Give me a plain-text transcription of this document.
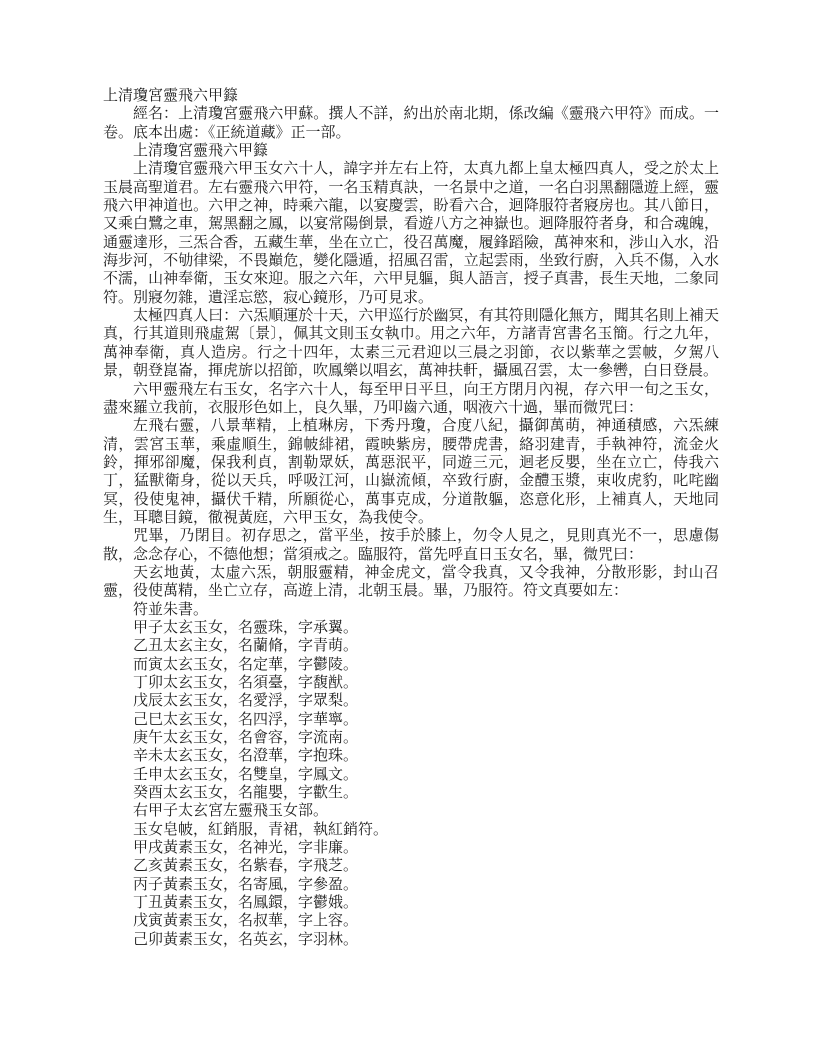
上清瓊宮靈飛六甲籙

經名：上清瓊宮靈飛六甲蘇。撰人不詳，約出於南北期，係改編《靈飛六甲符》而成。一卷。底本出處：《正統道藏》正一部。

上清瓊宮靈飛六甲籙

上清瓊官靈飛六甲玉女六十人，諱字并左右上符，太真九都上皇太極四真人，受之於太上玉晨高聖道君。左右靈飛六甲符，一名玉精真訣，一名景中之道，一名白羽黑翻隱遊上經，靈飛六甲神道也。六甲之神，時乘六龍，以宴慶雲，盼看六合，迴降服符者寢房也。其八節日，又乘白鷺之車，駕黑翻之鳳，以宴常陽倒景，看遊八方之神嶽也。迴降服符者身，和合魂魄，通靈達形，三炁合香，五藏生華，坐在立亡，役召萬魔，履鋒蹈險，萬神來和，涉山入水，沿海步河，不劬律梁，不畏巔危，變化隱遁，招風召雷，立起雲雨，坐致行廚，入兵不傷，入水不濡，山神奉衛，玉女來迎。服之六年，六甲見軀，與人語言，授子真書，長生天地，二象同符。別寢勿雜，遺淫忘慾，寂心鏡形，乃可見求。

太極四真人曰：六炁順運於十天，六甲巡行於幽冥，有其符則隱化無方，聞其名則上補天真，行其道則飛虛駕〔景〕，佩其文則玉女執巾。用之六年，方諸青宮書名玉簡。行之九年，萬神奉衛，真人造房。行之十四年，太素三元君迎以三晨之羽節，衣以紫華之雲帔，夕駕八景，朝登崑崙，揮虎旂以招節，吹鳳樂以唱玄，萬神扶軒，攝風召雲，太一參轡，白日登晨。

六甲靈飛左右玉女，名字六十人，每至甲日平旦，向王方閉月內視，存六甲一旬之玉女，盡來羅立我前，衣服形色如上，良久畢，乃叩齒六通，咽液六十過，畢而微咒曰：

左飛右靈，八景華精，上植琳房，下秀丹瓊，合度八紀，攝御萬萌，神通積感，六炁練清，雲宮玉華，乘虛順生，錦帔緋裙，霞映紫房，腰帶虎書，絡羽建青，手執神符，流金火鈴，揮邪卻魔，保我利貞，割勒眾妖，萬惡泯平，同遊三元，迴老反嬰，坐在立亡，侍我六丁，猛獸衛身，從以天兵，呼吸江河，山嶽流傾，卒致行廚，金醴玉漿，束收虎豹，叱咤幽冥，役使鬼神，攝伏千精，所願從心，萬事克成，分道散軀，恣意化形，上補真人，天地同生，耳聰目鏡，徹視黃庭，六甲玉女，為我使令。

咒畢，乃閉目。初存思之，當平坐，按手於膝上，勿令人見之，見則真光不一，思慮傷散，念念存心，不德他想；當須戒之。臨服符，當先呼直日玉女名，畢，微咒曰：

天玄地黃，太虛六炁，朝服靈精，神金虎文，當令我真，又令我神，分散形影，封山召靈，役使萬精，坐亡立存，高遊上清，北朝玉晨。畢，乃服符。符文真要如左：

符並朱書。

甲子太玄玉女，名靈珠，字承翼。

乙丑太玄主女，名蘭脩，字青萌。

而寅太玄玉女，名定華，字鬱陵。

丁卯太玄玉女，名須臺，字馥猷。

戊辰太玄玉女，名愛浮，字眾梨。

己巳太玄玉女，名四浮，字華寧。

庚午太玄玉女，名會容，字流南。

辛未太玄玉女，名澄華，字抱珠。

壬申太玄玉女，名雙皇，字鳳文。

癸酉太玄玉女，名龍嬰，字歡生。

右甲子太玄宮左靈飛玉女部。

玉女皂帔，紅銷服，青裙，執紅銷符。

甲戌黃素玉女，名神光，字非廉。

乙亥黃素玉女，名紫春，字飛芝。

丙子黃素玉女，名寄風，字參盈。

丁丑黃素玉女，名鳳鐶，字鬱娥。

戊寅黃素玉女，名叔華，字上容。

己卯黃素玉女，名英玄，字羽林。
